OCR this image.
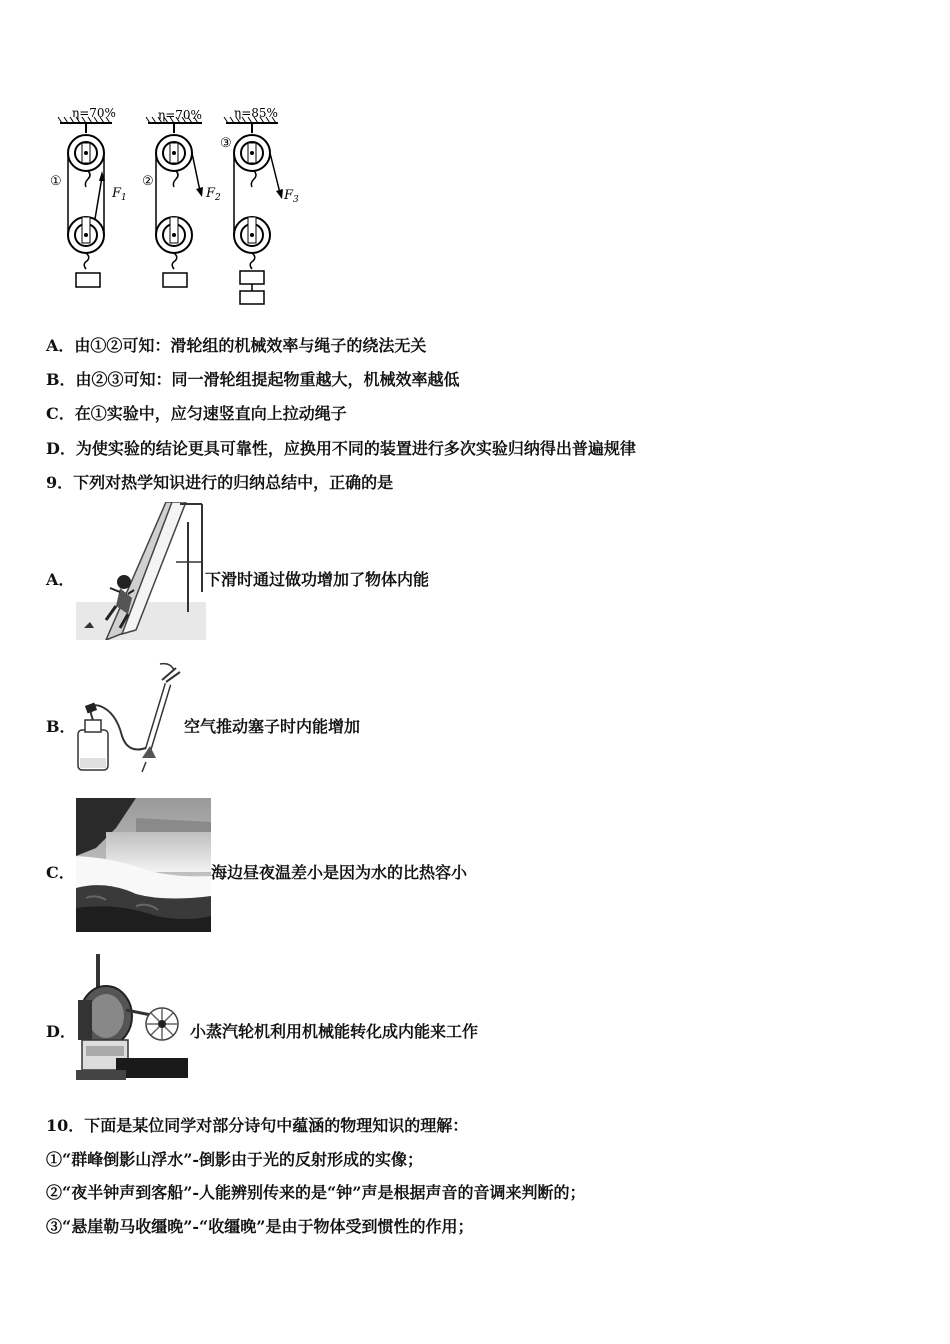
η=70%	η=70%	η=85%
①
$F_1$
②
$F_2$
③
$F_3$
A．由①②可知：滑轮组的机械效率与绳子的绕法无关
B．由②③可知：同一滑轮组提起物重越大，机械效率越低
C．在①实验中，应匀速竖直向上拉动绳子
D．为使实验的结论更具可靠性，应换用不同的装置进行多次实验归纳得出普遍规律
9．下列对热学知识进行的归纳总结中，正确的是
A．	下滑时通过做功增加了物体内能
B．	空气推动塞子时内能增加
C．	海边昼夜温差小是因为水的比热容小
D．	小蒸汽轮机利用机械能转化成内能来工作
10．下面是某位同学对部分诗句中蕴涵的物理知识的理解：
①“群峰倒影山浮水”-倒影由于光的反射形成的实像；
②“夜半钟声到客船”-人能辨别传来的是“钟”声是根据声音的音调来判断的；
③“悬崖勒马收缰晚”-“收缰晚”是由于物体受到惯性的作用；
